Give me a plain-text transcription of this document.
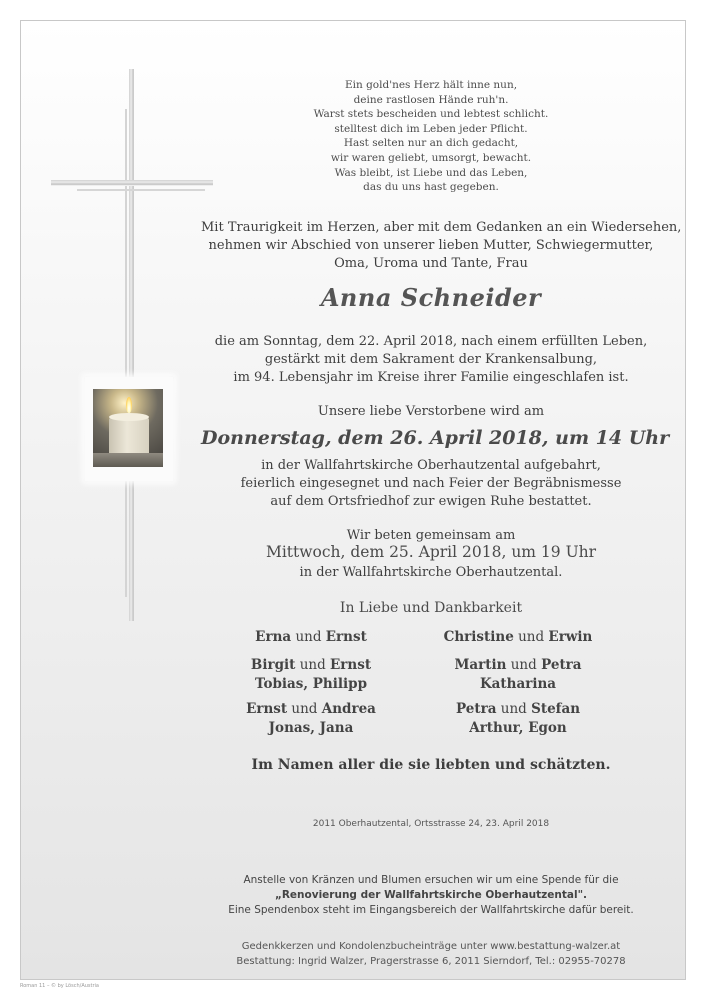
Ein gold'nes Herz hält inne nun,
deine rastlosen Hände ruh'n.
Warst stets bescheiden und lebtest schlicht.
stelltest dich im Leben jeder Pflicht.
Hast selten nur an dich gedacht,
wir waren geliebt, umsorgt, bewacht.
Was bleibt, ist Liebe und das Leben,
das du uns hast gegeben.
Mit Traurigkeit im Herzen, aber mit dem Gedanken an ein Wiedersehen,
nehmen wir Abschied von unserer lieben Mutter, Schwiegermutter,
Oma, Uroma und Tante, Frau
Anna Schneider
die am Sonntag, dem 22. April 2018, nach einem erfüllten Leben,
gestärkt mit dem Sakrament der Krankensalbung,
im 94. Lebensjahr im Kreise ihrer Familie eingeschlafen ist.
Unsere liebe Verstorbene wird am
Donnerstag, dem 26. April 2018, um 14 Uhr
in der Wallfahrtskirche Oberhautzental aufgebahrt,
feierlich eingesegnet und nach Feier der Begräbnismesse
auf dem Ortsfriedhof zur ewigen Ruhe bestattet.
Wir beten gemeinsam am
Mittwoch, dem 25. April 2018, um 19 Uhr
in der Wallfahrtskirche Oberhautzental.
In Liebe und Dankbarkeit
Erna und Ernst
Birgit und Ernst
Tobias, Philipp
Ernst und Andrea
Jonas, Jana
Christine und Erwin
Martin und Petra
Katharina
Petra und Stefan
Arthur, Egon
Im Namen aller die sie liebten und schätzten.
2011 Oberhautzental, Ortsstrasse 24, 23. April 2018
Anstelle von Kränzen und Blumen ersuchen wir um eine Spende für die
„Renovierung der Wallfahrtskirche Oberhautzental".
Eine Spendenbox steht im Eingangsbereich der Wallfahrtskirche dafür bereit.
Gedenkkerzen und Kondolenzbucheinträge unter www.bestattung-walzer.at
Bestattung: Ingrid Walzer, Pragerstrasse 6, 2011 Sierndorf, Tel.: 02955-70278
Roman 11 – © by Lösch/Austria
